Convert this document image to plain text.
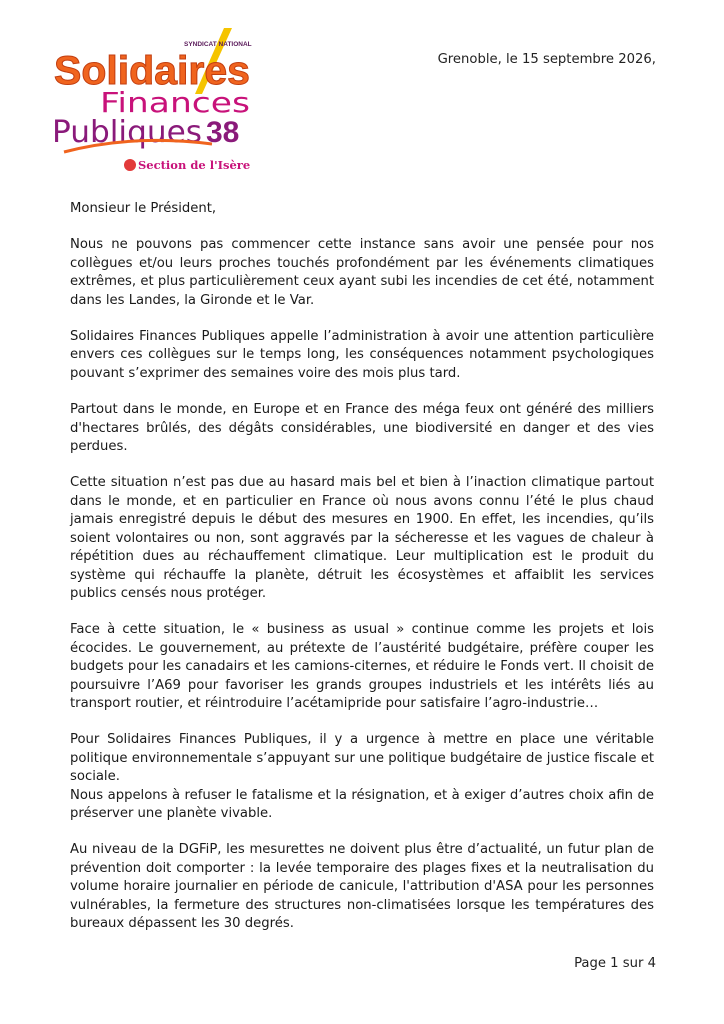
SYNDICAT NATIONAL
Solidaires
Finances
Publiques 38
Section de l'Isère
Grenoble, le 15 septembre 2026,

Monsieur le Président,

Nous ne pouvons pas commencer cette instance sans avoir une pensée pour nos collègues et/ou leurs proches touchés profondément par les événements climatiques extrêmes, et plus particulièrement ceux ayant subi les incendies de cet été, notamment dans les Landes, la Gironde et le Var.

Solidaires Finances Publiques appelle l’administration à avoir une attention particulière envers ces collègues sur le temps long, les conséquences notamment psychologiques pouvant s’exprimer des semaines voire des mois plus tard.

Partout dans le monde, en Europe et en France des méga feux ont généré des milliers d'hectares brûlés, des dégâts considérables, une biodiversité en danger et des vies perdues.

Cette situation n’est pas due au hasard mais bel et bien à l’inaction climatique partout dans le monde, et en particulier en France où nous avons connu l’été le plus chaud jamais enregistré depuis le début des mesures en 1900. En effet, les incendies, qu’ils soient volontaires ou non, sont aggravés par la sécheresse et les vagues de chaleur à répétition dues au réchauffement climatique. Leur multiplication est le produit du système qui réchauffe la planète, détruit les écosystèmes et affaiblit les services publics censés nous protéger.

Face à cette situation, le « business as usual » continue comme les projets et lois écocides. Le gouvernement, au prétexte de l’austérité budgétaire, préfère couper les budgets pour les canadairs et les camions-citernes, et réduire le Fonds vert. Il choisit de poursuivre l’A69 pour favoriser les grands groupes industriels et les intérêts liés au transport routier, et réintroduire l’acétamipride pour satisfaire l’agro-industrie…

Pour Solidaires Finances Publiques, il y a urgence à mettre en place une véritable politique environnementale s’appuyant sur une politique budgétaire de justice fiscale et sociale.

Nous appelons à refuser le fatalisme et la résignation, et à exiger d’autres choix afin de préserver une planète vivable.

Au niveau de la DGFiP, les mesurettes ne doivent plus être d’actualité, un futur plan de prévention doit comporter : la levée temporaire des plages fixes et la neutralisation du volume horaire journalier en période de canicule, l'attribution d'ASA pour les personnes vulnérables, la fermeture des structures non-climatisées lorsque les températures des bureaux dépassent les 30 degrés.

Page 1 sur 4
